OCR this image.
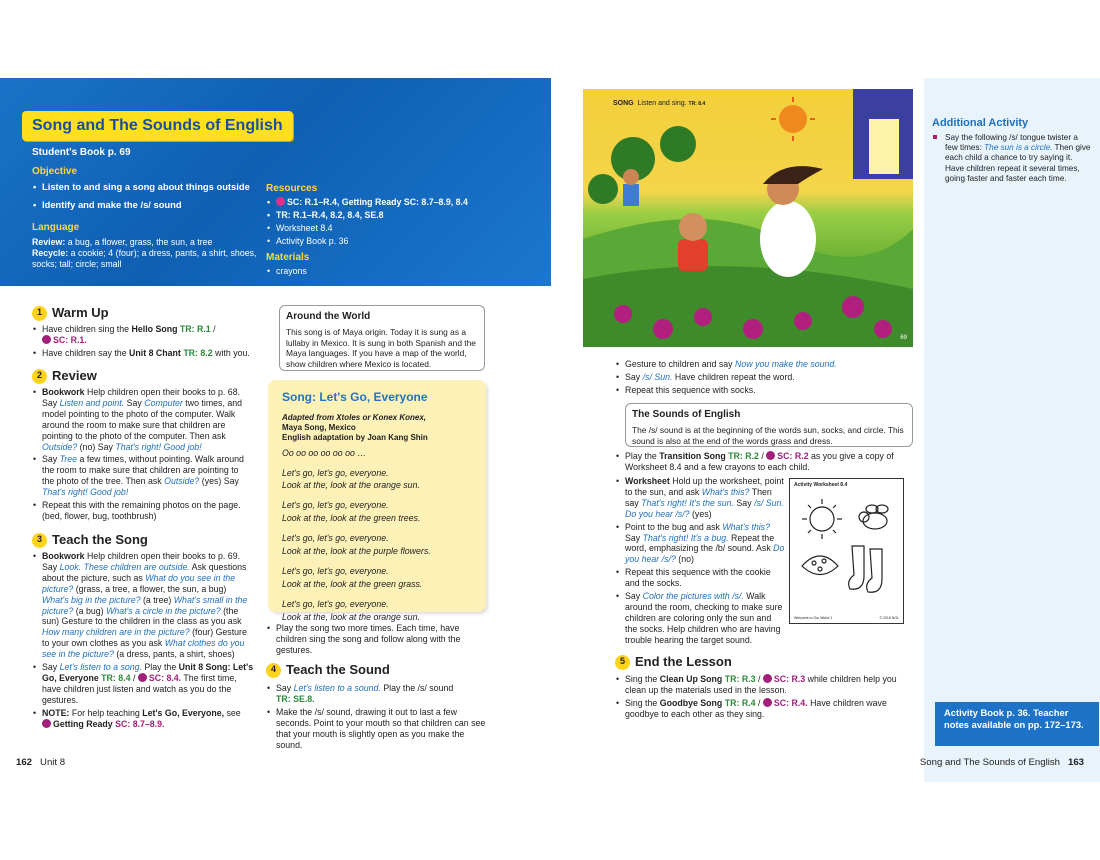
Song and The Sounds of English
Student's Book p. 69
Objective
• Listen to and sing a song about things outside
• Identify and make the /s/ sound
Language
Review: a bug, a flower, grass, the sun, a tree
Recycle: a cookie; 4 (four); a dress, pants, a shirt, shoes, socks; tall; circle; small
Resources
• SC: R.1–R.4, Getting Ready SC: 8.7–8.9, 8.4
• TR: R.1–R.4, 8.2, 8.4, SE.8
• Worksheet 8.4
• Activity Book p. 36
Materials
• crayons
1 Warm Up
• Have children sing the Hello Song TR: R.1 /
SC: R.1.
• Have children say the Unit 8 Chant TR: 8.2 with you.
2 Review
• Bookwork Help children open their books to p. 68. Say Listen and point. Say Computer two times, and model pointing to the photo of the computer. Walk around the room to make sure that children are pointing to the photo of the computer. Then ask Outside? (no) Say That's right! Good job!
• Say Tree a few times, without pointing. Walk around the room to make sure that children are pointing to the photo of the tree. Then ask Outside? (yes) Say That's right! Good job!
• Repeat this with the remaining photos on the page. (bed, flower, bug, toothbrush)
3 Teach the Song
• Bookwork Help children open their books to p. 69. Say Look. These children are outside. Ask questions about the picture, such as What do you see in the picture? (grass, a tree, a flower, the sun, a bug) What's big in the picture? (a tree) What's small in the picture? (a bug) What's a circle in the picture? (the sun) Gesture to the children in the class as you ask How many children are in the picture? (four) Gesture to your own clothes as you ask What clothes do you see in the picture? (a dress, pants, a shirt, shoes)
• Say Let's listen to a song. Play the Unit 8 Song: Let's Go, Everyone TR: 8.4 / SC: 8.4. The first time, have children just listen and watch as you do the gestures.
• NOTE: For help teaching Let's Go, Everyone, see
Getting Ready SC: 8.7–8.9.
162 Unit 8
Around the World
This song is of Maya origin. Today it is sung as a lullaby in Mexico. It is sung in both Spanish and the Maya languages. If you have a map of the world, show children where Mexico is located.
Song: Let's Go, Everyone
Adapted from Xtoles or Konex Konex,
Maya Song, Mexico
English adaptation by Joan Kang Shin
Oo oo oo oo oo oo …
Let's go, let's go, everyone.
Look at the, look at the orange sun.
Let's go, let's go, everyone.
Look at the, look at the green trees.
Let's go, let's go, everyone.
Look at the, look at the purple flowers.
Let's go, let's go, everyone.
Look at the, look at the green grass.
Let's go, let's go, everyone.
Look at the, look at the orange sun.
• Play the song two more times. Each time, have children sing the song and follow along with the gestures.
4 Teach the Sound
• Say Let's listen to a sound. Play the /s/ sound
TR: SE.8.
• Make the /s/ sound, drawing it out to last a few seconds. Point to your mouth so that children can see that your mouth is slightly open as you make the sound.
SONG Listen and sing. TR: 8.4
69
• Gesture to children and say Now you make the sound.
• Say /s/ Sun. Have children repeat the word.
• Repeat this sequence with socks.
The Sounds of English
The /s/ sound is at the beginning of the words sun, socks, and circle. This sound is also at the end of the words grass and dress.
• Play the Transition Song TR: R.2 / SC: R.2 as you give a copy of Worksheet 8.4 and a few crayons to each child.
• Worksheet Hold up the worksheet, point to the sun, and ask What's this? Then say That's right! It's the sun. Say /s/ Sun. Do you hear /s/? (yes)
• Point to the bug and ask What's this? Say That's right! It's a bug. Repeat the word, emphasizing the /b/ sound. Ask Do you hear /s/? (no)
• Repeat this sequence with the cookie and the socks.
• Say Color the pictures with /s/. Walk around the room, checking to make sure children are coloring only the sun and the socks. Help children who are having trouble hearing the target sound.
Activity Worksheet 8.4
Welcome to Our World 1	© 2018 NGL
5 End the Lesson
• Sing the Clean Up Song TR: R.3 / SC: R.3 while children help you clean up the materials used in the lesson.
• Sing the Goodbye Song TR: R.4 / SC: R.4. Have children wave goodbye to each other as they sing.
Additional Activity
Say the following /s/ tongue twister a few times: The sun is a circle. Then give each child a chance to try saying it. Have children repeat it several times, going faster and faster each time.
Activity Book p. 36. Teacher notes available on pp. 172–173.
Song and The Sounds of English 163
